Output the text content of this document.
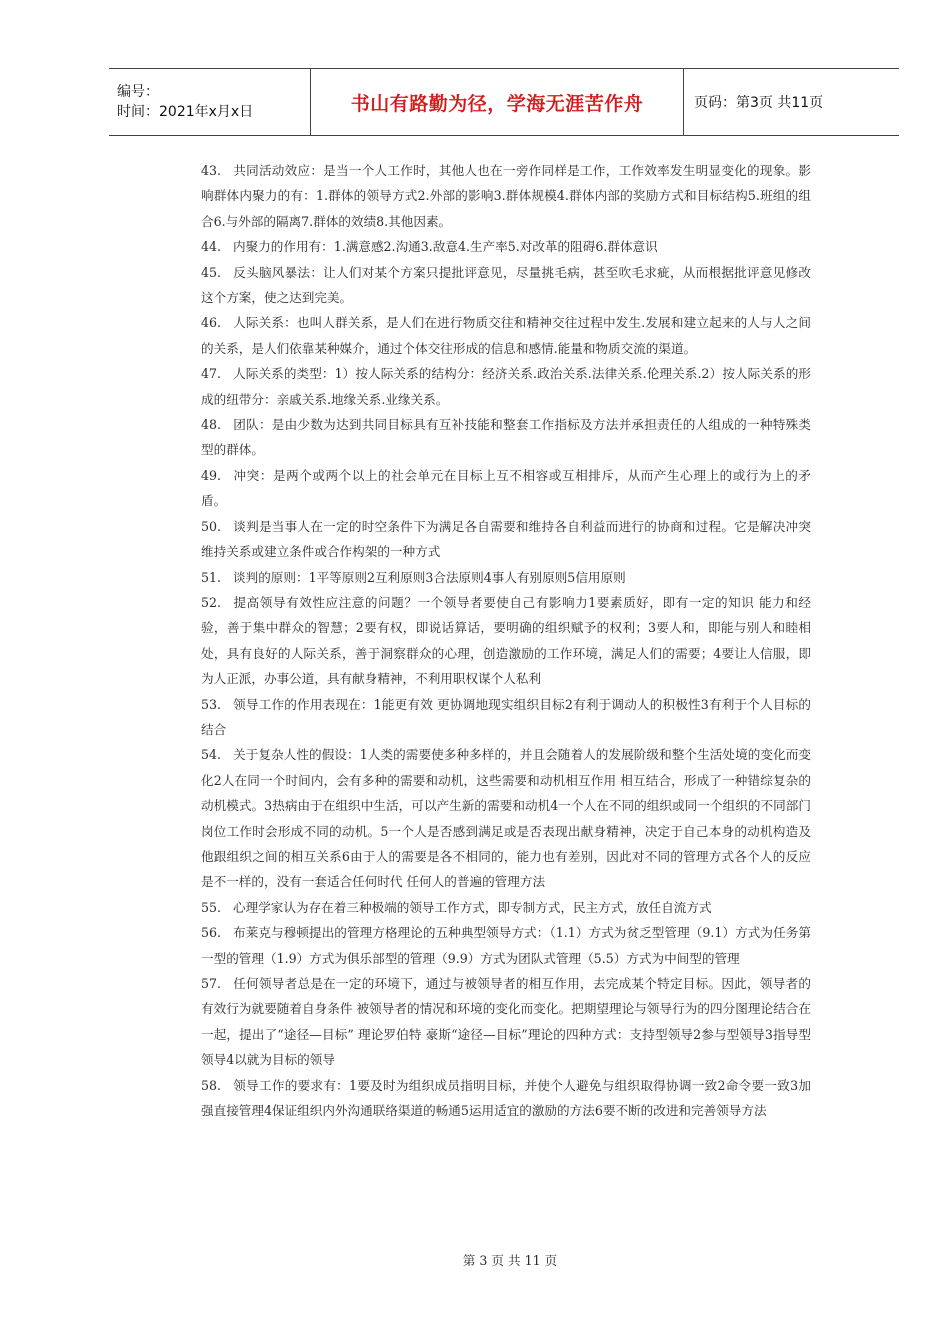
编号：
时间：2021年x月x日	书山有路勤为径，学海无涯苦作舟	页码：第3页 共11页
43. 共同活动效应：是当一个人工作时，其他人也在一旁作同样是工作，工作效率发生明显变化的现象。影响群体内聚力的有：1.群体的领导方式2.外部的影响3.群体规模4.群体内部的奖励方式和目标结构5.班组的组合6.与外部的隔离7.群体的效绩8.其他因素。
44. 内聚力的作用有：1.满意感2.沟通3.敌意4.生产率5.对改革的阻碍6.群体意识
45. 反头脑风暴法：让人们对某个方案只提批评意见，尽量挑毛病，甚至吹毛求疵，从而根据批评意见修改这个方案，使之达到完美。
46. 人际关系：也叫人群关系，是人们在进行物质交往和精神交往过程中发生.发展和建立起来的人与人之间的关系，是人们依靠某种媒介，通过个体交往形成的信息和感情.能量和物质交流的渠道。
47. 人际关系的类型：1）按人际关系的结构分：经济关系.政治关系.法律关系.伦理关系.2）按人际关系的形成的纽带分：亲戚关系.地缘关系.业缘关系。
48. 团队：是由少数为达到共同目标具有互补技能和整套工作指标及方法并承担责任的人组成的一种特殊类型的群体。
49. 冲突：是两个或两个以上的社会单元在目标上互不相容或互相排斥，从而产生心理上的或行为上的矛盾。
50. 谈判是当事人在一定的时空条件下为满足各自需要和维持各自利益而进行的协商和过程。它是解决冲突 维持关系或建立条件或合作构架的一种方式
51. 谈判的原则：1平等原则2互利原则3合法原则4事人有别原则5信用原则
52. 提高领导有效性应注意的问题？一个领导者要使自己有影响力1要素质好，即有一定的知识 能力和经验，善于集中群众的智慧；2要有权，即说话算话，要明确的组织赋予的权利；3要人和，即能与别人和睦相处，具有良好的人际关系，善于洞察群众的心理，创造激励的工作环境，满足人们的需要；4要让人信服，即为人正派，办事公道，具有献身精神，不利用职权谋个人私利
53. 领导工作的作用表现在：1能更有效 更协调地现实组织目标2有利于调动人的积极性3有利于个人目标的结合
54. 关于复杂人性的假设：1人类的需要使多种多样的，并且会随着人的发展阶级和整个生活处境的变化而变化2人在同一个时间内，会有多种的需要和动机，这些需要和动机相互作用 相互结合，形成了一种错综复杂的动机模式。3热病由于在组织中生活，可以产生新的需要和动机4一个人在不同的组织或同一个组织的不同部门 岗位工作时会形成不同的动机。5一个人是否感到满足或是否表现出献身精神，决定于自己本身的动机构造及他跟组织之间的相互关系6由于人的需要是各不相同的，能力也有差别，因此对不同的管理方式各个人的反应是不一样的，没有一套适合任何时代 任何人的普遍的管理方法
55. 心理学家认为存在着三种极端的领导工作方式，即专制方式，民主方式，放任自流方式
56. 布莱克与穆顿提出的管理方格理论的五种典型领导方式：（1.1）方式为贫乏型管理（9.1）方式为任务第一型的管理（1.9）方式为俱乐部型的管理（9.9）方式为团队式管理（5.5）方式为中间型的管理
57. 任何领导者总是在一定的环境下，通过与被领导者的相互作用，去完成某个特定目标。因此，领导者的有效行为就要随着自身条件 被领导者的情况和环境的变化而变化。把期望理论与领导行为的四分图理论结合在一起，提出了“途径—目标” 理论罗伯特 豪斯“途径—目标”理论的四种方式：支持型领导2参与型领导3指导型领导4以就为目标的领导
58. 领导工作的要求有：1要及时为组织成员指明目标，并使个人避免与组织取得协调一致2命令要一致3加强直接管理4保证组织内外沟通联络渠道的畅通5运用适宜的激励的方法6要不断的改进和完善领导方法
第 3 页 共 11 页
